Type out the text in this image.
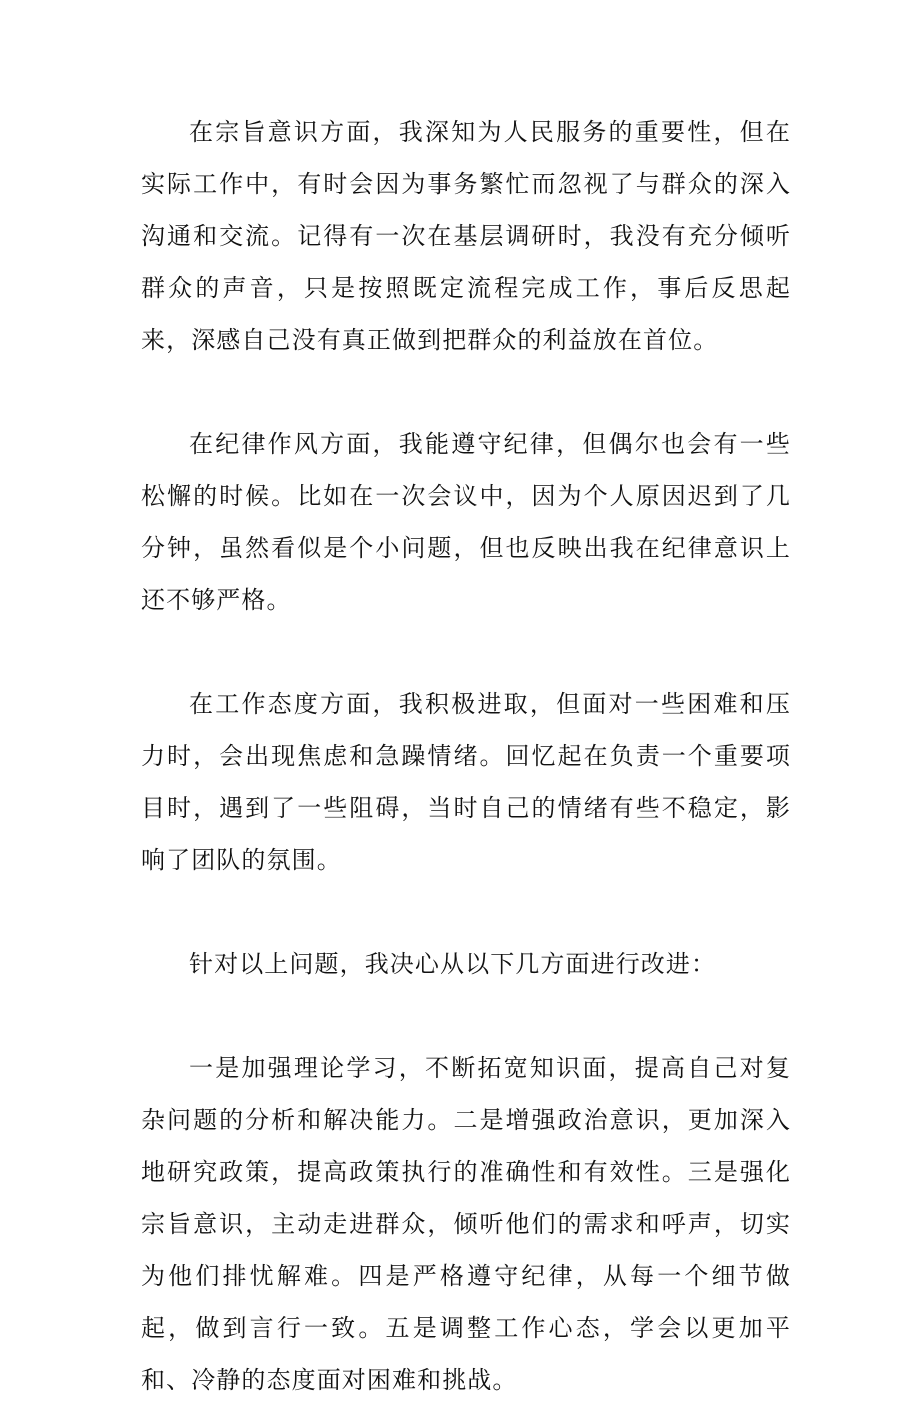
在宗旨意识方面，我深知为人民服务的重要性，但在实际工作中，有时会因为事务繁忙而忽视了与群众的深入沟通和交流。记得有一次在基层调研时，我没有充分倾听群众的声音，只是按照既定流程完成工作，事后反思起来，深感自己没有真正做到把群众的利益放在首位。

在纪律作风方面，我能遵守纪律，但偶尔也会有一些松懈的时候。比如在一次会议中，因为个人原因迟到了几分钟，虽然看似是个小问题，但也反映出我在纪律意识上还不够严格。

在工作态度方面，我积极进取，但面对一些困难和压力时，会出现焦虑和急躁情绪。回忆起在负责一个重要项目时，遇到了一些阻碍，当时自己的情绪有些不稳定，影响了团队的氛围。

针对以上问题，我决心从以下几方面进行改进：

一是加强理论学习，不断拓宽知识面，提高自己对复杂问题的分析和解决能力。二是增强政治意识，更加深入地研究政策，提高政策执行的准确性和有效性。三是强化宗旨意识，主动走进群众，倾听他们的需求和呼声，切实为他们排忧解难。四是严格遵守纪律，从每一个细节做起，做到言行一致。五是调整工作心态，学会以更加平和、冷静的态度面对困难和挑战。
